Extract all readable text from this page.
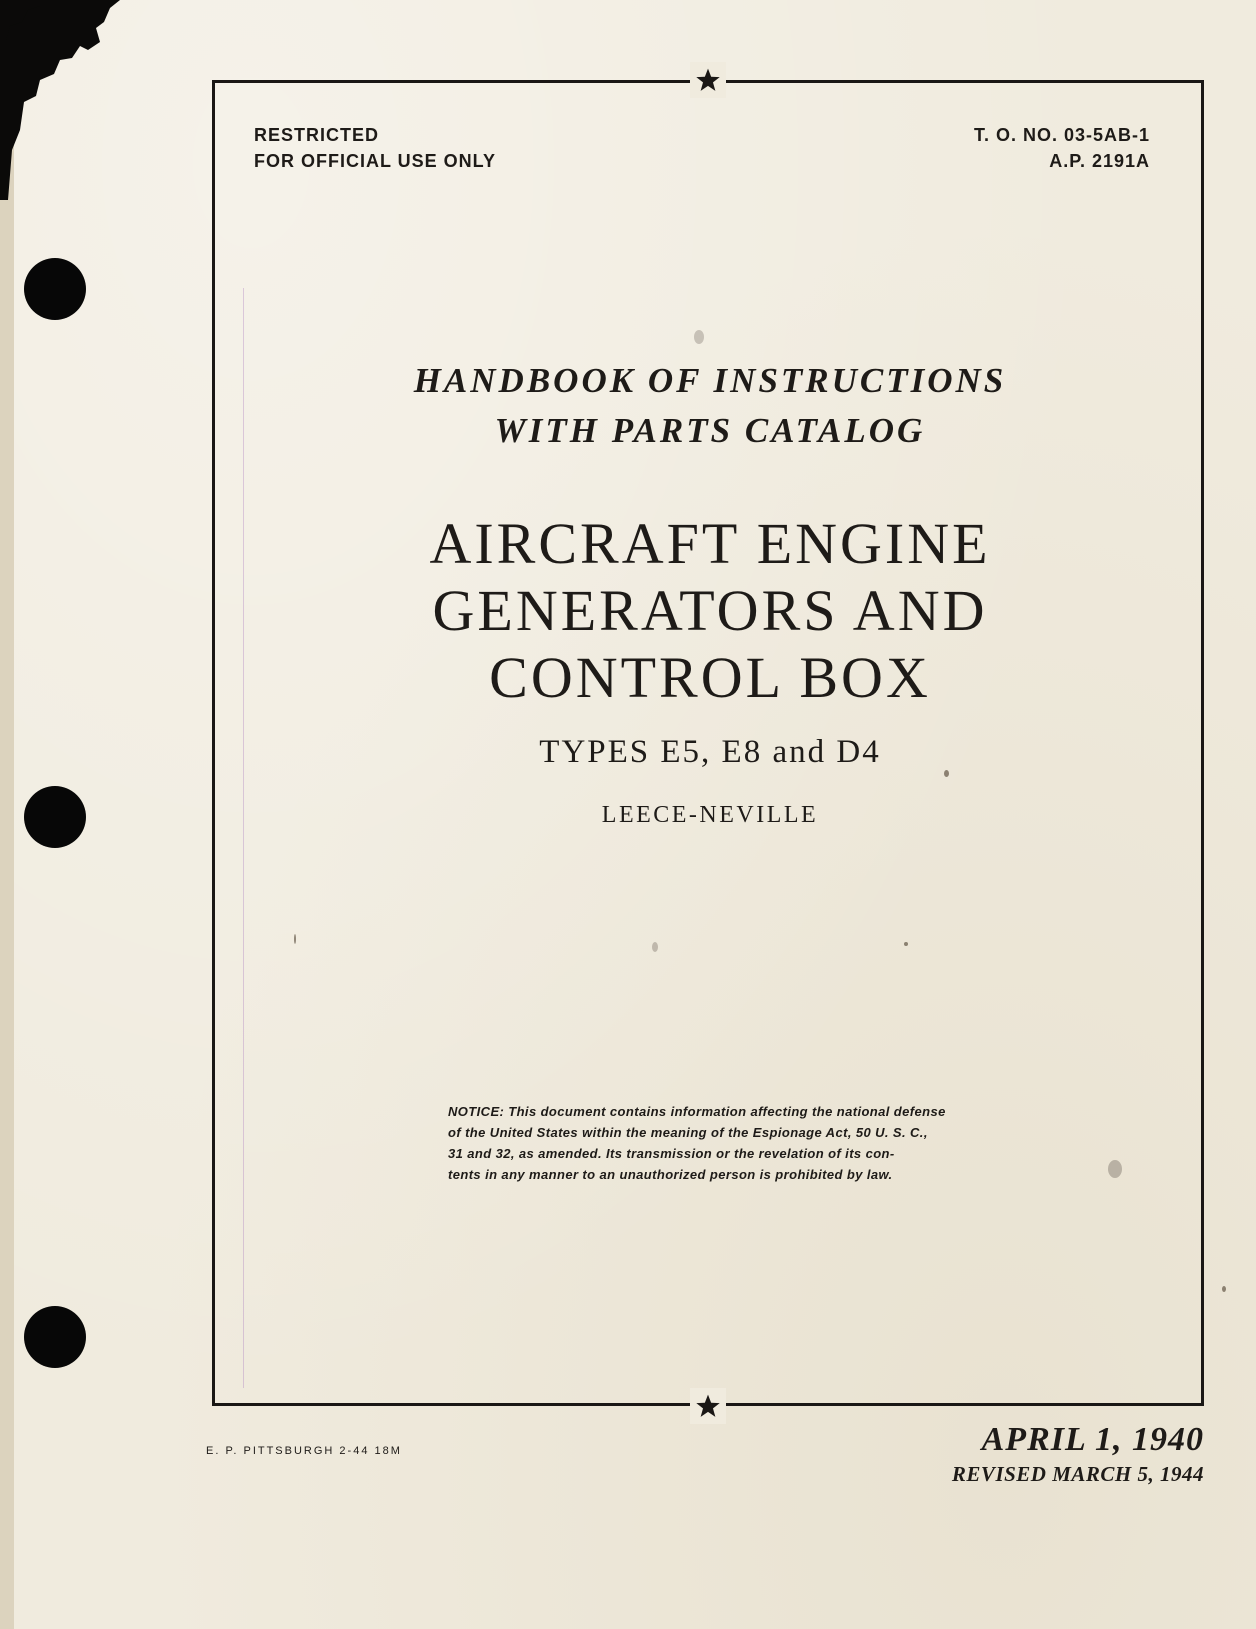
RESTRICTED
FOR OFFICIAL USE ONLY
T. O. NO. 03-5AB-1
A.P. 2191A
HANDBOOK OF INSTRUCTIONS
WITH PARTS CATALOG
AIRCRAFT ENGINE
GENERATORS AND
CONTROL BOX
TYPES E5, E8 and D4
LEECE-NEVILLE
NOTICE: This document contains information affecting the national defense
of the United States within the meaning of the Espionage Act, 50 U. S. C.,
31 and 32, as amended. Its transmission or the revelation of its con-
tents in any manner to an unauthorized person is prohibited by law.
E. P. PITTSBURGH 2-44 18M	APRIL 1, 1940
REVISED MARCH 5, 1944
